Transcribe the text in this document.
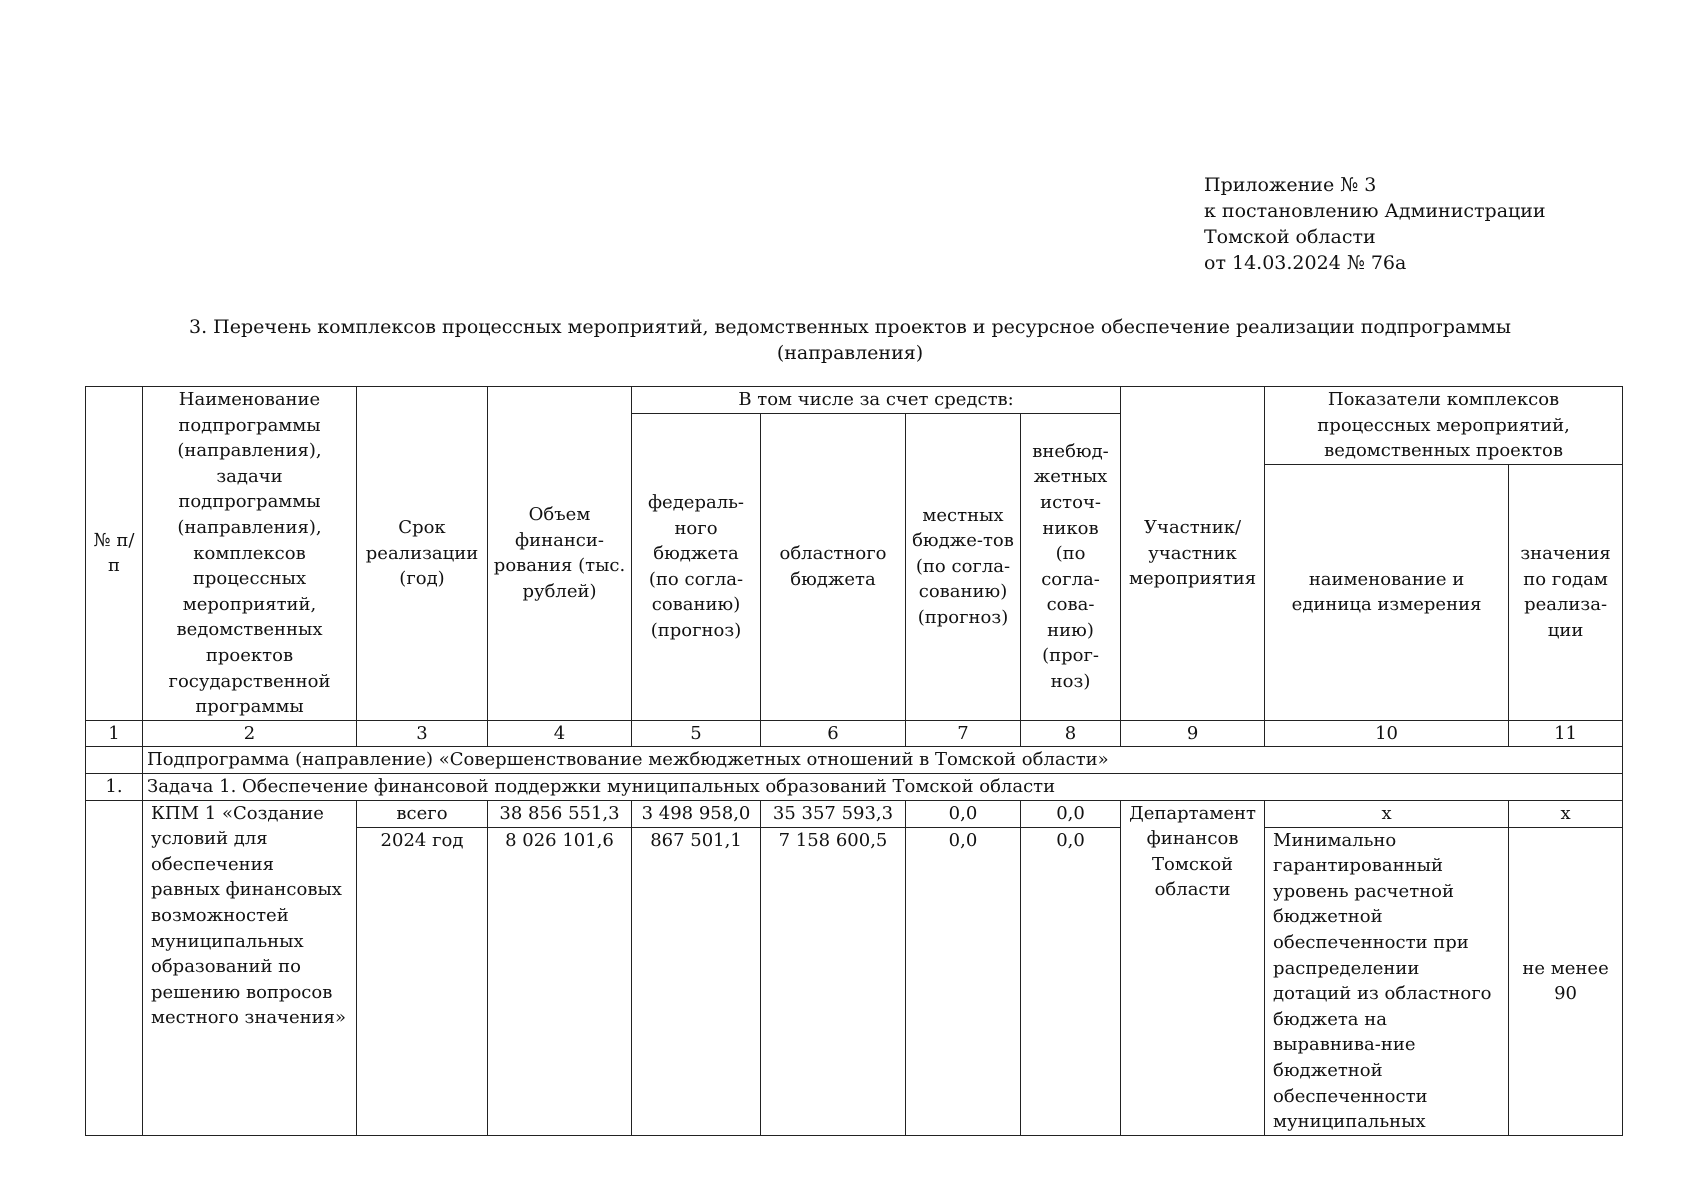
Приложение № 3
к постановлению Администрации
Томской области
от 14.03.2024 № 76а
3. Перечень комплексов процессных мероприятий, ведомственных проектов и ресурсное обеспечение реализации подпрограммы
(направления)
№ п/п	Наименование подпрограммы (направления), задачи подпрограммы (направления), комплексов процессных мероприятий, ведомственных проектов государственной программы	Срок реализации (год)	Объем финанси-рования (тыс. рублей)	В том числе за счет средств:				Участник/ участник мероприятия	Показатели комплексов процессных мероприятий, ведомственных проектов	
				федераль-ного бюджета (по согла-сованию) (прогноз)	областного бюджета	местных бюдже-тов (по согла-сованию) (прогноз)	внебюд-жетных источ-ников (по согла-сова-нию) (прог-ноз)			
									наименование и единица измерения	значения по годам реализа-ции
1	2	3	4	5	6	7	8	9	10	11
	Подпрограмма (направление) «Совершенствование межбюджетных отношений в Томской области»									
1.	Задача 1. Обеспечение финансовой поддержки муниципальных образований Томской области									
	КПМ 1 «Создание условий для обеспечения равных финансовых возможностей муниципальных образований по решению вопросов местного значения»	всего	38 856 551,3	3 498 958,0	35 357 593,3	0,0	0,0	Департамент финансов Томской области	х	х
		2024 год	8 026 101,6	867 501,1	7 158 600,5	0,0	0,0		Минимально гарантированный уровень расчетной бюджетной обеспеченности при распределении дотаций из областного бюджета на выравнива-ние бюджетной обеспеченности муниципальных	не менее 90
